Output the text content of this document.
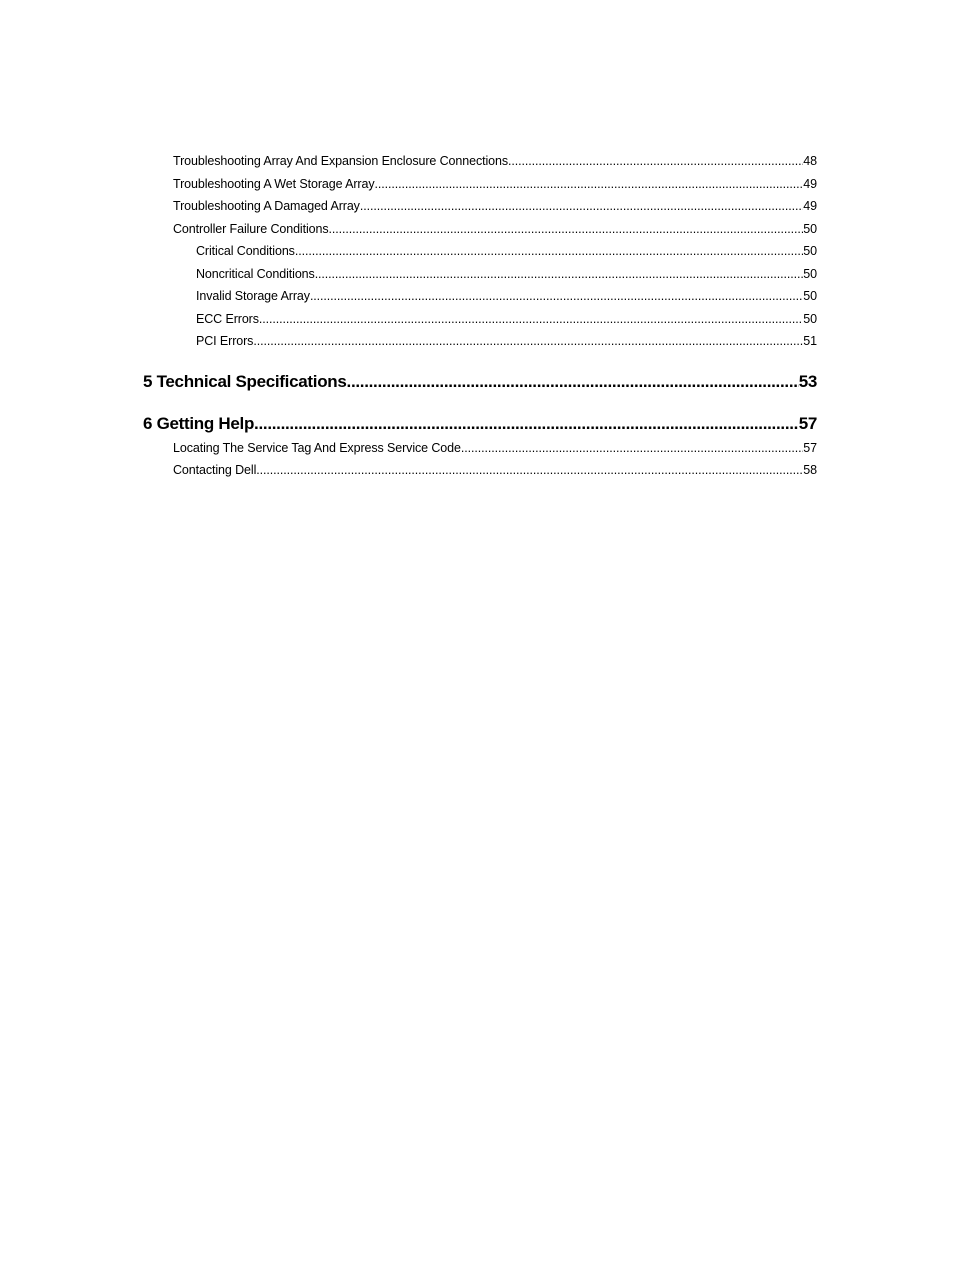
Troubleshooting Array And Expansion Enclosure Connections .....	48
Troubleshooting A Wet Storage Array .....	49
Troubleshooting A Damaged Array .....	49
Controller Failure Conditions .....	50
Critical Conditions .....	50
Noncritical Conditions .....	50
Invalid Storage Array .....	50
ECC Errors .....	50
PCI Errors .....	51
5 Technical Specifications .....	53
6 Getting Help .....	57
Locating The Service Tag And Express Service Code .....	57
Contacting Dell .....	58
